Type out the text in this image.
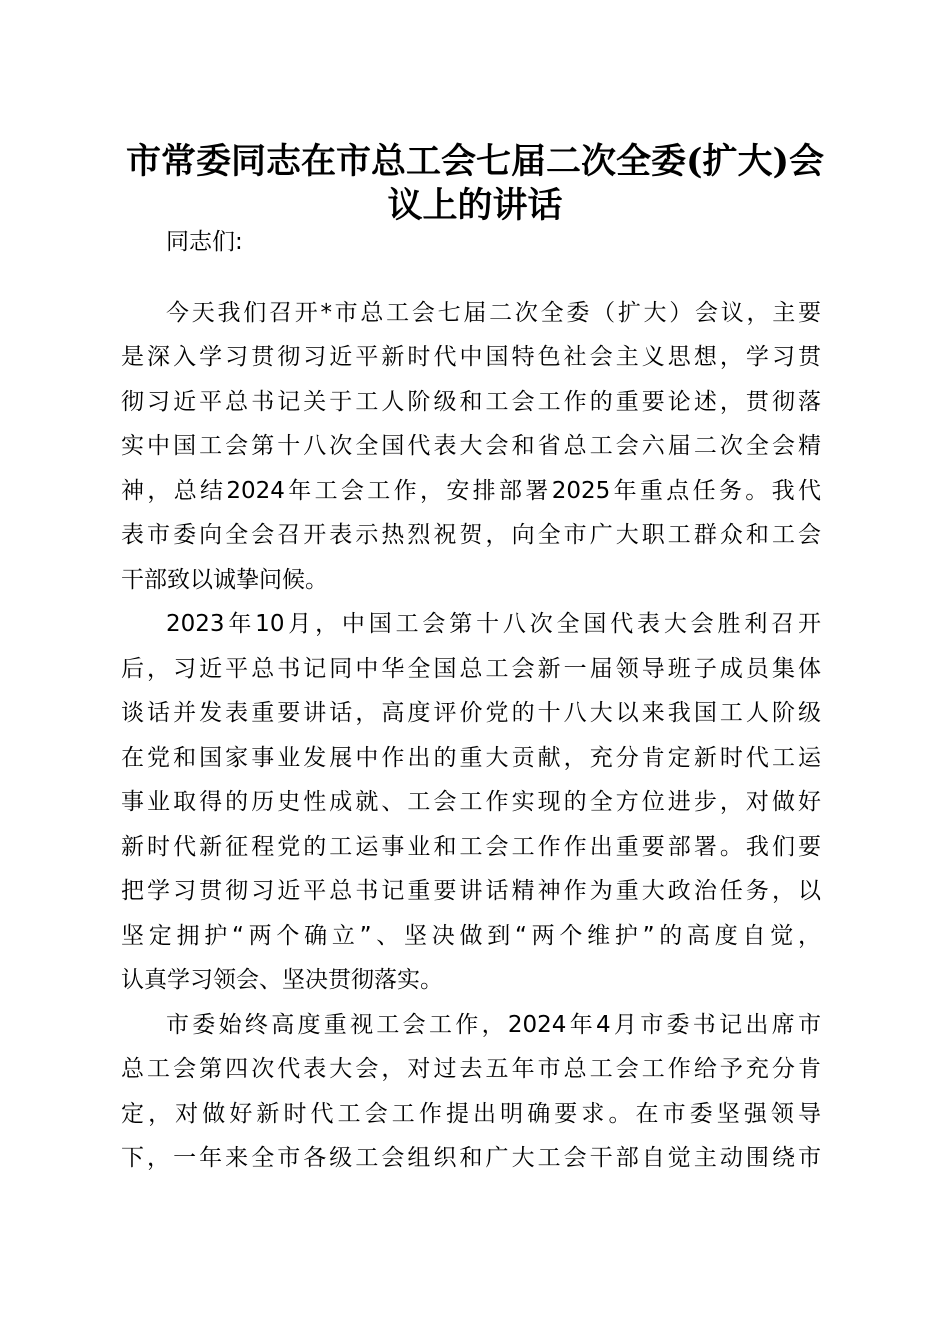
市常委同志在市总工会七届二次全委(扩大)会
议上的讲话
同志们:
今天我们召开*市总工会七届二次全委（扩大）会议，主要
是深入学习贯彻习近平新时代中国特色社会主义思想，学习贯
彻习近平总书记关于工人阶级和工会工作的重要论述，贯彻落
实中国工会第十八次全国代表大会和省总工会六届二次全会精
神，总结2024年工会工作，安排部署2025年重点任务。我代
表市委向全会召开表示热烈祝贺，向全市广大职工群众和工会
干部致以诚挚问候。
2023年10月，中国工会第十八次全国代表大会胜利召开
后，习近平总书记同中华全国总工会新一届领导班子成员集体
谈话并发表重要讲话，高度评价党的十八大以来我国工人阶级
在党和国家事业发展中作出的重大贡献，充分肯定新时代工运
事业取得的历史性成就、工会工作实现的全方位进步，对做好
新时代新征程党的工运事业和工会工作作出重要部署。我们要
把学习贯彻习近平总书记重要讲话精神作为重大政治任务，以
坚定拥护“两个确立”、坚决做到“两个维护”的高度自觉，
认真学习领会、坚决贯彻落实。
市委始终高度重视工会工作，2024年4月市委书记出席市
总工会第四次代表大会，对过去五年市总工会工作给予充分肯
定，对做好新时代工会工作提出明确要求。在市委坚强领导
下，一年来全市各级工会组织和广大工会干部自觉主动围绕市
